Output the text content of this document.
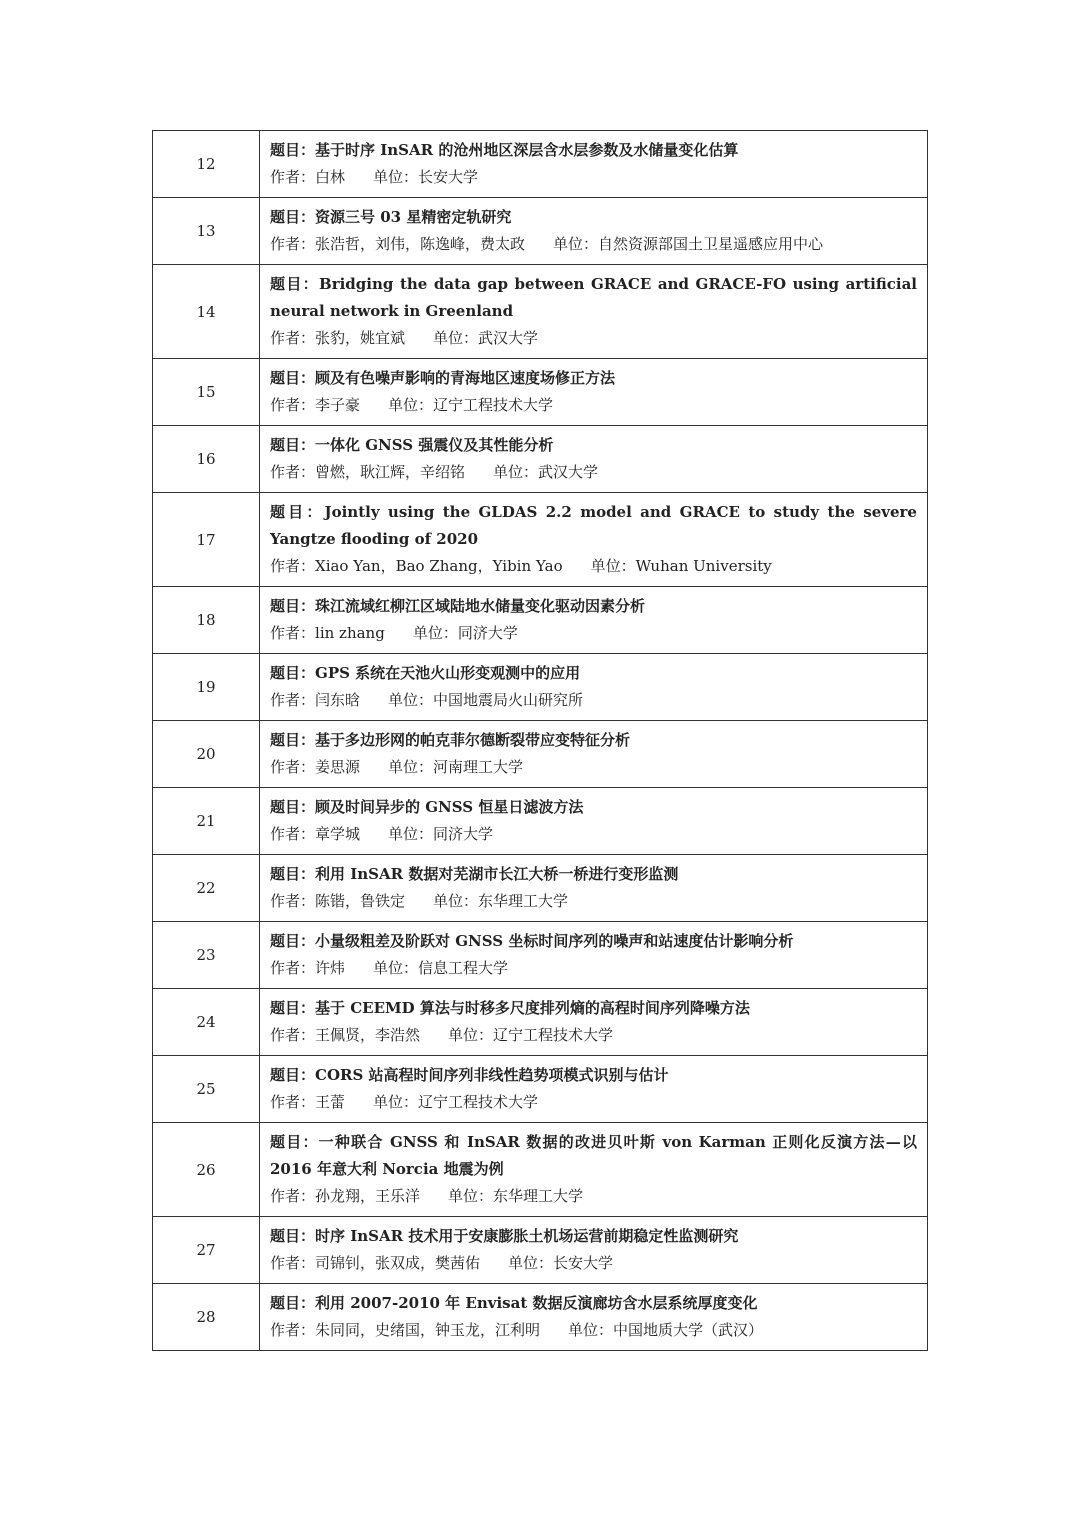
12	题目：基于时序 InSAR 的沧州地区深层含水层参数及水储量变化估算

作者：白林 单位：长安大学

13	题目：资源三号 03 星精密定轨研究

作者：张浩哲，刘伟，陈逸峰，费太政 单位：自然资源部国土卫星遥感应用中心

14	题目：Bridging the data gap between GRACE and GRACE-FO using artificial neural network in Greenland

作者：张豹，姚宜斌 单位：武汉大学

15	题目：顾及有色噪声影响的青海地区速度场修正方法

作者：李子豪 单位：辽宁工程技术大学

16	题目：一体化 GNSS 强震仪及其性能分析

作者：曾燃，耿江辉，辛绍铭 单位：武汉大学

17	题目：Jointly using the GLDAS 2.2 model and GRACE to study the severe Yangtze flooding of 2020

作者：Xiao Yan，Bao Zhang，Yibin Yao 单位：Wuhan University

18	题目：珠江流域红柳江区域陆地水储量变化驱动因素分析

作者：lin zhang 单位：同济大学

19	题目：GPS 系统在天池火山形变观测中的应用

作者：闫东晗 单位：中国地震局火山研究所

20	题目：基于多边形网的帕克菲尔德断裂带应变特征分析

作者：姜思源 单位：河南理工大学

21	题目：顾及时间异步的 GNSS 恒星日滤波方法

作者：章学城 单位：同济大学

22	题目：利用 InSAR 数据对芜湖市长江大桥一桥进行变形监测

作者：陈锴，鲁铁定 单位：东华理工大学

23	题目：小量级粗差及阶跃对 GNSS 坐标时间序列的噪声和站速度估计影响分析

作者：许炜 单位：信息工程大学

24	题目：基于 CEEMD 算法与时移多尺度排列熵的高程时间序列降噪方法

作者：王佩贤，李浩然 单位：辽宁工程技术大学

25	题目：CORS 站高程时间序列非线性趋势项模式识别与估计

作者：王蕾 单位：辽宁工程技术大学

26	题目：一种联合 GNSS 和 InSAR 数据的改进贝叶斯 von Karman 正则化反演方法—以 2016 年意大利 Norcia 地震为例

作者：孙龙翔，王乐洋 单位：东华理工大学

27	题目：时序 InSAR 技术用于安康膨胀土机场运营前期稳定性监测研究

作者：司锦钊，张双成，樊茜佑 单位：长安大学

28	题目：利用 2007-2010 年 Envisat 数据反演廊坊含水层系统厚度变化

作者：朱同同，史绪国，钟玉龙，江利明 单位：中国地质大学（武汉）
